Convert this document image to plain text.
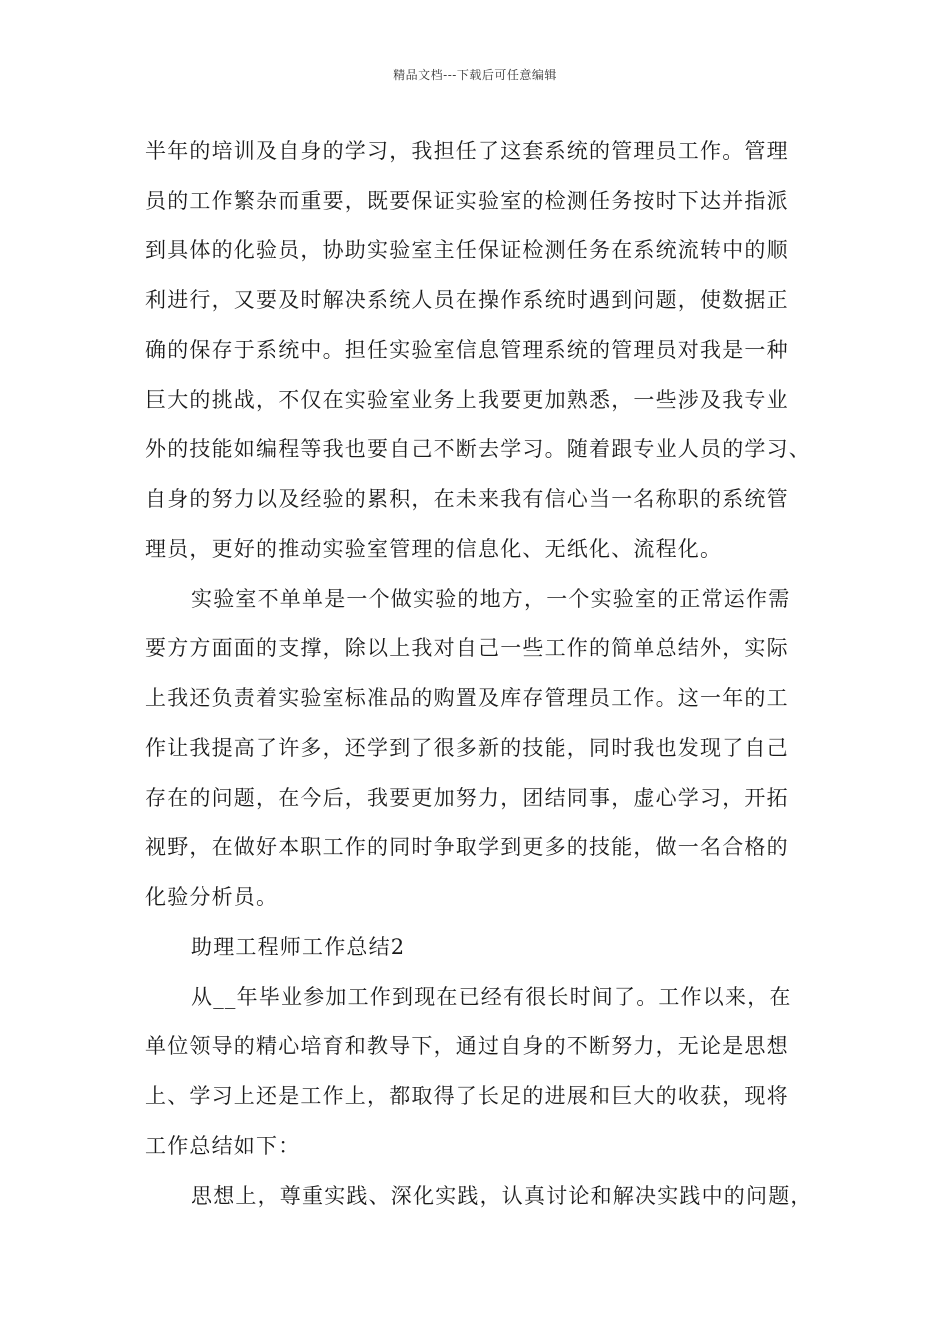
精品文档---下载后可任意编辑
半年的培训及自身的学习，我担任了这套系统的管理员工作。管理
员的工作繁杂而重要，既要保证实验室的检测任务按时下达并指派
到具体的化验员，协助实验室主任保证检测任务在系统流转中的顺
利进行，又要及时解决系统人员在操作系统时遇到问题，使数据正
确的保存于系统中。担任实验室信息管理系统的管理员对我是一种
巨大的挑战，不仅在实验室业务上我要更加熟悉，一些涉及我专业
外的技能如编程等我也要自己不断去学习。随着跟专业人员的学习、
自身的努力以及经验的累积，在未来我有信心当一名称职的系统管
理员，更好的推动实验室管理的信息化、无纸化、流程化。
实验室不单单是一个做实验的地方，一个实验室的正常运作需
要方方面面的支撑，除以上我对自己一些工作的简单总结外，实际
上我还负责着实验室标准品的购置及库存管理员工作。这一年的工
作让我提高了许多，还学到了很多新的技能，同时我也发现了自己
存在的问题，在今后，我要更加努力，团结同事，虚心学习，开拓
视野，在做好本职工作的同时争取学到更多的技能，做一名合格的
化验分析员。
助理工程师工作总结2
从__年毕业参加工作到现在已经有很长时间了。工作以来，在
单位领导的精心培育和教导下，通过自身的不断努力，无论是思想
上、学习上还是工作上，都取得了长足的进展和巨大的收获，现将
工作总结如下：
思想上，尊重实践、深化实践，认真讨论和解决实践中的问题，
